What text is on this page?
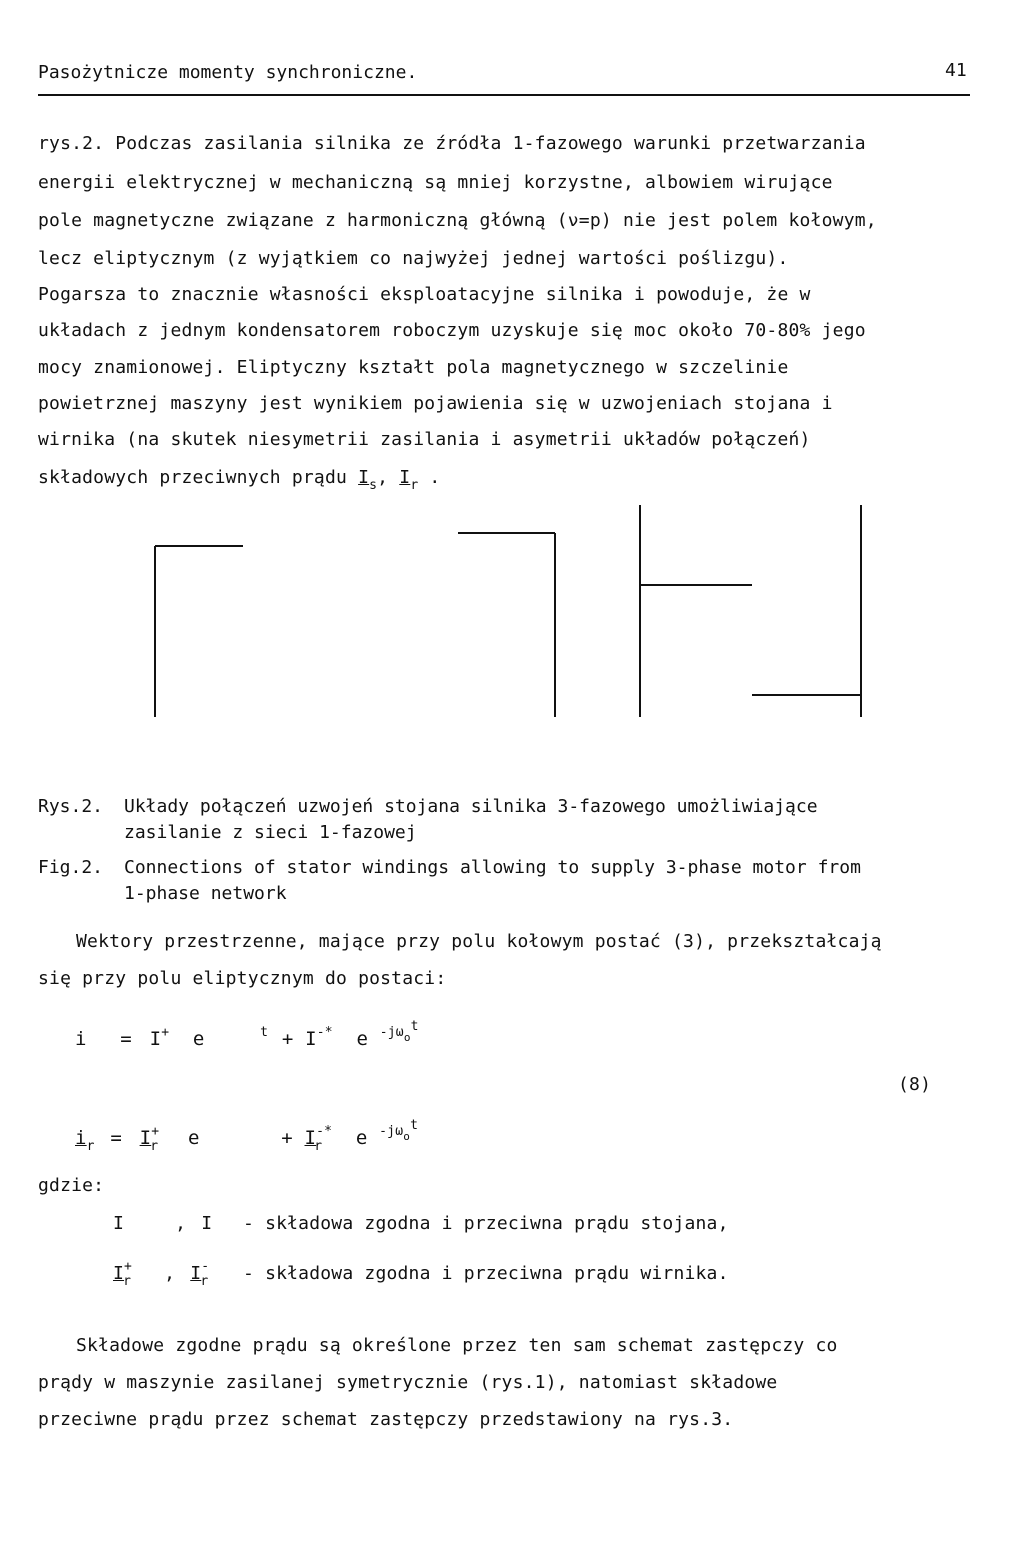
Pasożytnicze momenty synchroniczne.	41
rys.2. Podczas zasilania silnika ze źródła 1-fazowego warunki przetwarzania
energii elektrycznej w mechaniczną są mniej korzystne, albowiem wirujące
pole magnetyczne związane z harmoniczną główną (ν=p) nie jest polem kołowym,
lecz eliptycznym (z wyjątkiem co najwyżej jednej wartości poślizgu).
Pogarsza to znacznie własności eksploatacyjne silnika i powoduje, że w
układach z jednym kondensatorem roboczym uzyskuje się moc około 70-80% jego
mocy znamionowej. Eliptyczny kształt pola magnetycznego w szczelinie
powietrznej maszyny jest wynikiem pojawienia się w uzwojeniach stojana i
wirnika (na skutek niesymetrii zasilania i asymetrii układów połączeń)
składowych przeciwnych prądu $I_s$, $I_r$ .
Rys.2. Układy połączeń uzwojeń stojana silnika 3-fazowego umożliwiające
zasilanie z sieci 1-fazowej
Fig.2. Connections of stator windings allowing to supply 3-phase motor from
1-phase network
Wektory przestrzenne, mające przy polu kołowym postać (3), przekształcają
się przy polu eliptycznym do postaci:
i = I+ e	$^t$ + I-* e $^{-j\omega_ot}$
(8)
$i_r = I^+_r$ e	+ $I^{-*}_r$ e $^{-j\omega_ot}$
gdzie:
I	, I - składowa zgodna i przeciwna prądu stojana,
$I^+_r$ , $I^-_r$ - składowa zgodna i przeciwna prądu wirnika.
Składowe zgodne prądu są określone przez ten sam schemat zastępczy co
prądy w maszynie zasilanej symetrycznie (rys.1), natomiast składowe
przeciwne prądu przez schemat zastępczy przedstawiony na rys.3.
